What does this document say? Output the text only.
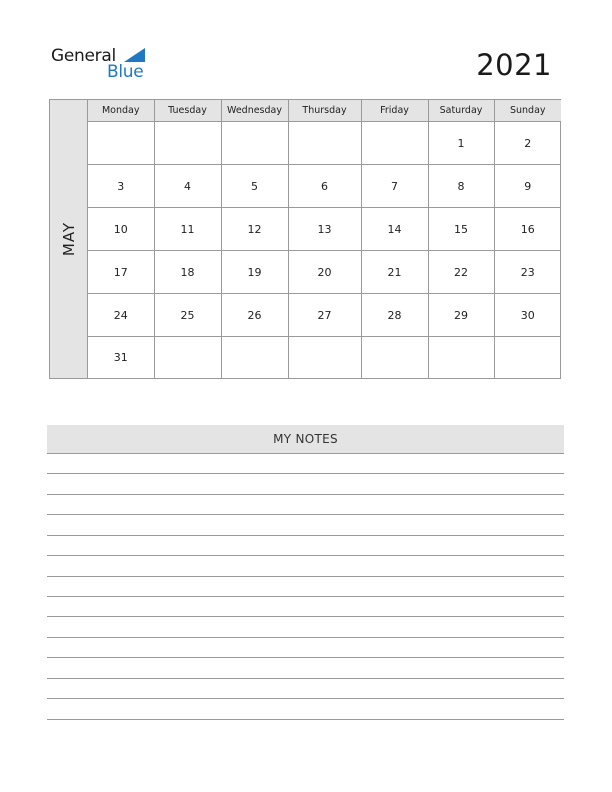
General
Blue	2021
MAY
Monday	Tuesday	Wednesday	Thursday	Friday	Saturday	Sunday

					1	2
3	4	5	6	7	8	9
10	11	12	13	14	15	16
17	18	19	20	21	22	23
24	25	26	27	28	29	30
31						
MY NOTES
